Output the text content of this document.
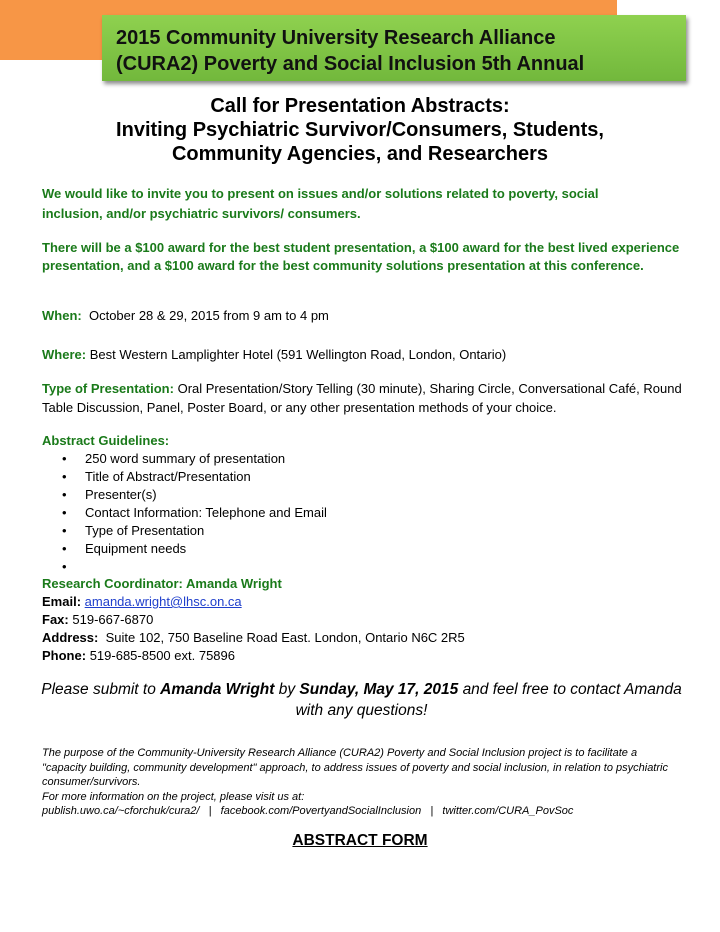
2015 Community University Research Alliance
(CURA2) Poverty and Social Inclusion 5th Annual
Call for Presentation Abstracts:
Inviting Psychiatric Survivor/Consumers, Students,
Community Agencies, and Researchers
We would like to invite you to present on issues and/or solutions related to poverty, social
inclusion, and/or psychiatric survivors/ consumers.
There will be a $100 award for the best student presentation, a $100 award for the best lived experience presentation, and a $100 award for the best community solutions presentation at this conference.
When: October 28 & 29, 2015 from 9 am to 4 pm
Where: Best Western Lamplighter Hotel (591 Wellington Road, London, Ontario)
Type of Presentation: Oral Presentation/Story Telling (30 minute), Sharing Circle, Conversational Café, Round Table Discussion, Panel, Poster Board, or any other presentation methods of your choice.
Abstract Guidelines:
• 250 word summary of presentation
• Title of Abstract/Presentation
• Presenter(s)
• Contact Information: Telephone and Email
• Type of Presentation
• Equipment needs
•
Research Coordinator: Amanda Wright
Email: amanda.wright@lhsc.on.ca
Fax: 519-667-6870
Address: Suite 102, 750 Baseline Road East. London, Ontario N6C 2R5
Phone: 519-685-8500 ext. 75896
Please submit to Amanda Wright by Sunday, May 17, 2015 and feel free to contact Amanda with any questions!
The purpose of the Community-University Research Alliance (CURA2) Poverty and Social Inclusion project is to facilitate a "capacity building, community development" approach, to address issues of poverty and social inclusion, in relation to psychiatric consumer/survivors.
For more information on the project, please visit us at:
publish.uwo.ca/~cforchuk/cura2/   |   facebook.com/PovertyandSocialInclusion   |   twitter.com/CURA_PovSoc
ABSTRACT FORM
